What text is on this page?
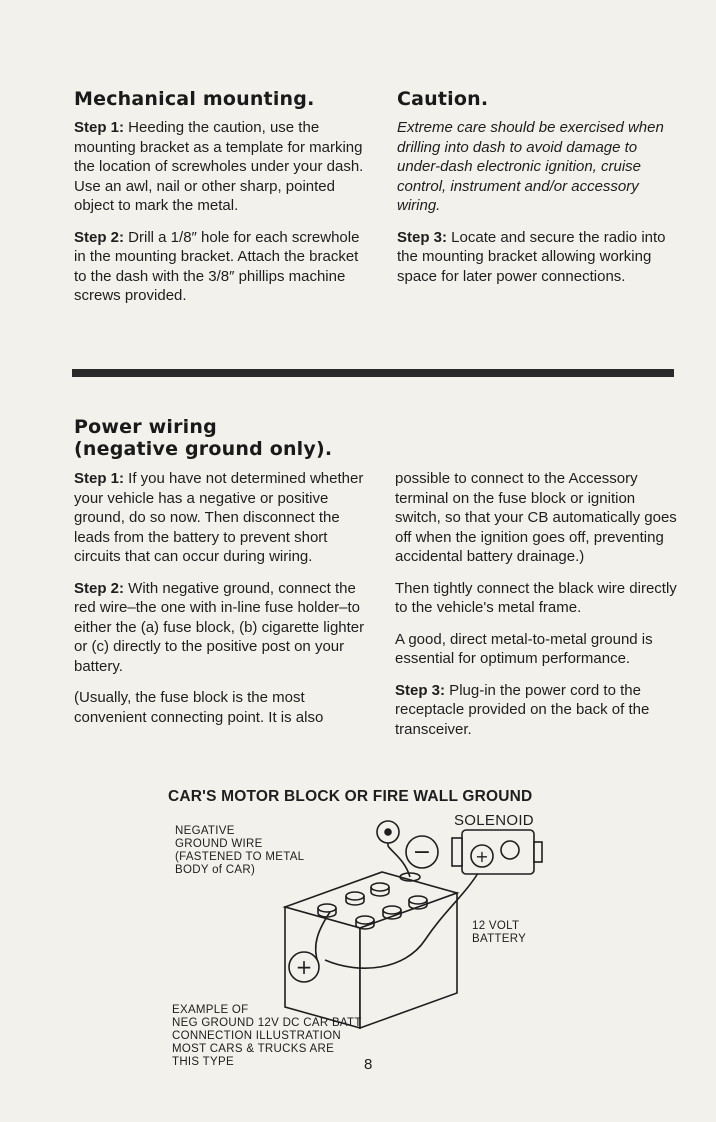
Mechanical mounting.

Step 1: Heeding the caution, use the mounting bracket as a template for marking the location of screwholes under your dash. Use an awl, nail or other sharp, pointed object to mark the metal.

Step 2: Drill a 1/8″ hole for each screwhole in the mounting bracket. Attach the bracket to the dash with the 3/8″ phillips machine screws provided.

Caution.

Extreme care should be exercised when drilling into dash to avoid damage to under-dash electronic ignition, cruise control, instrument and/or accessory wiring.

Step 3: Locate and secure the radio into the mounting bracket allowing working space for later power connections.

Power wiring
(negative ground only).

Step 1: If you have not determined whether your vehicle has a negative or positive ground, do so now. Then disconnect the leads from the battery to prevent short circuits that can occur during wiring.

Step 2: With negative ground, connect the red wire–the one with in-line fuse holder–to either the (a) fuse block, (b) cigarette lighter or (c) directly to the positive post on your battery.

(Usually, the fuse block is the most convenient connecting point. It is also

possible to connect to the Accessory terminal on the fuse block or ignition switch, so that your CB automatically goes off when the ignition goes off, preventing accidental battery drainage.)

Then tightly connect the black wire directly to the vehicle's metal frame.

A good, direct metal-to-metal ground is essential for optimum performance.

Step 3: Plug-in the power cord to the receptacle provided on the back of the transceiver.

CAR'S MOTOR BLOCK OR FIRE WALL GROUND
−
+
+
SOLENOID
NEGATIVE
GROUND WIRE
(FASTENED TO METAL
BODY of CAR)
12 VOLT
BATTERY
EXAMPLE OF
NEG GROUND 12V DC CAR BATT
CONNECTION ILLUSTRATION
MOST CARS & TRUCKS ARE
THIS TYPE	8
